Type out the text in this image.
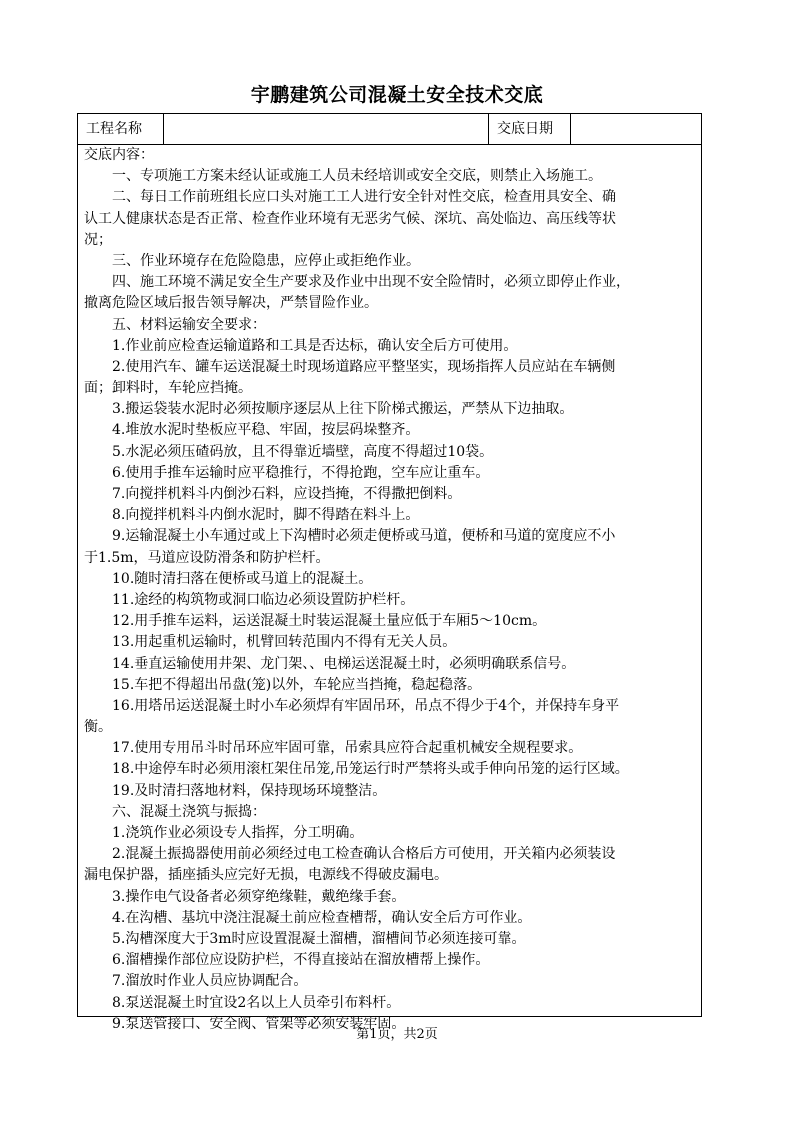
宇鹏建筑公司混凝土安全技术交底
工程名称	交底日期
交底内容：
一、专项施工方案未经认证或施工人员未经培训或安全交底，则禁止入场施工。
二、每日工作前班组长应口头对施工工人进行安全针对性交底，检查用具安全、确
认工人健康状态是否正常、检查作业环境有无恶劣气候、深坑、高处临边、高压线等状
况；
三、作业环境存在危险隐患，应停止或拒绝作业。
四、施工环境不满足安全生产要求及作业中出现不安全险情时，必须立即停止作业，
撤离危险区域后报告领导解决，严禁冒险作业。
五、材料运输安全要求：
1.作业前应检查运输道路和工具是否达标，确认安全后方可使用。
2.使用汽车、罐车运送混凝土时现场道路应平整坚实，现场指挥人员应站在车辆侧
面；卸料时，车轮应挡掩。
3.搬运袋装水泥时必须按顺序逐层从上往下阶梯式搬运，严禁从下边抽取。
4.堆放水泥时垫板应平稳、牢固，按层码垛整齐。
5.水泥必须压碴码放，且不得靠近墙壁，高度不得超过10袋。
6.使用手推车运输时应平稳推行，不得抢跑，空车应让重车。
7.向搅拌机料斗内倒沙石料，应设挡掩，不得撒把倒料。
8.向搅拌机料斗内倒水泥时，脚不得踏在料斗上。
9.运输混凝土小车通过或上下沟槽时必须走便桥或马道，便桥和马道的宽度应不小
于1.5m，马道应设防滑条和防护栏杆。
10.随时清扫落在便桥或马道上的混凝土。
11.途经的构筑物或洞口临边必须设置防护栏杆。
12.用手推车运料，运送混凝土时装运混凝土量应低于车厢5～10cm。
13.用起重机运输时，机臂回转范围内不得有无关人员。
14.垂直运输使用井架、龙门架、、电梯运送混凝土时，必须明确联系信号。
15.车把不得超出吊盘(笼)以外，车轮应当挡掩，稳起稳落。
16.用塔吊运送混凝土时小车必须焊有牢固吊环，吊点不得少于4个，并保持车身平
衡。
17.使用专用吊斗时吊环应牢固可靠，吊索具应符合起重机械安全规程要求。
18.中途停车时必须用滚杠架住吊笼,吊笼运行时严禁将头或手伸向吊笼的运行区域。
19.及时清扫落地材料，保持现场环境整洁。
六、混凝土浇筑与振捣：
1.浇筑作业必须设专人指挥，分工明确。
2.混凝土振捣器使用前必须经过电工检查确认合格后方可使用，开关箱内必须装设
漏电保护器，插座插头应完好无损，电源线不得破皮漏电。
3.操作电气设备者必须穿绝缘鞋，戴绝缘手套。
4.在沟槽、基坑中浇注混凝土前应检查槽帮，确认安全后方可作业。
5.沟槽深度大于3m时应设置混凝土溜槽，溜槽间节必须连接可靠。
6.溜槽操作部位应设防护栏，不得直接站在溜放槽帮上操作。
7.溜放时作业人员应协调配合。
8.泵送混凝土时宜设2名以上人员牵引布料杆。
9.泵送管接口、安全阀、管架等必须安装牢固。
第1页，共2页
